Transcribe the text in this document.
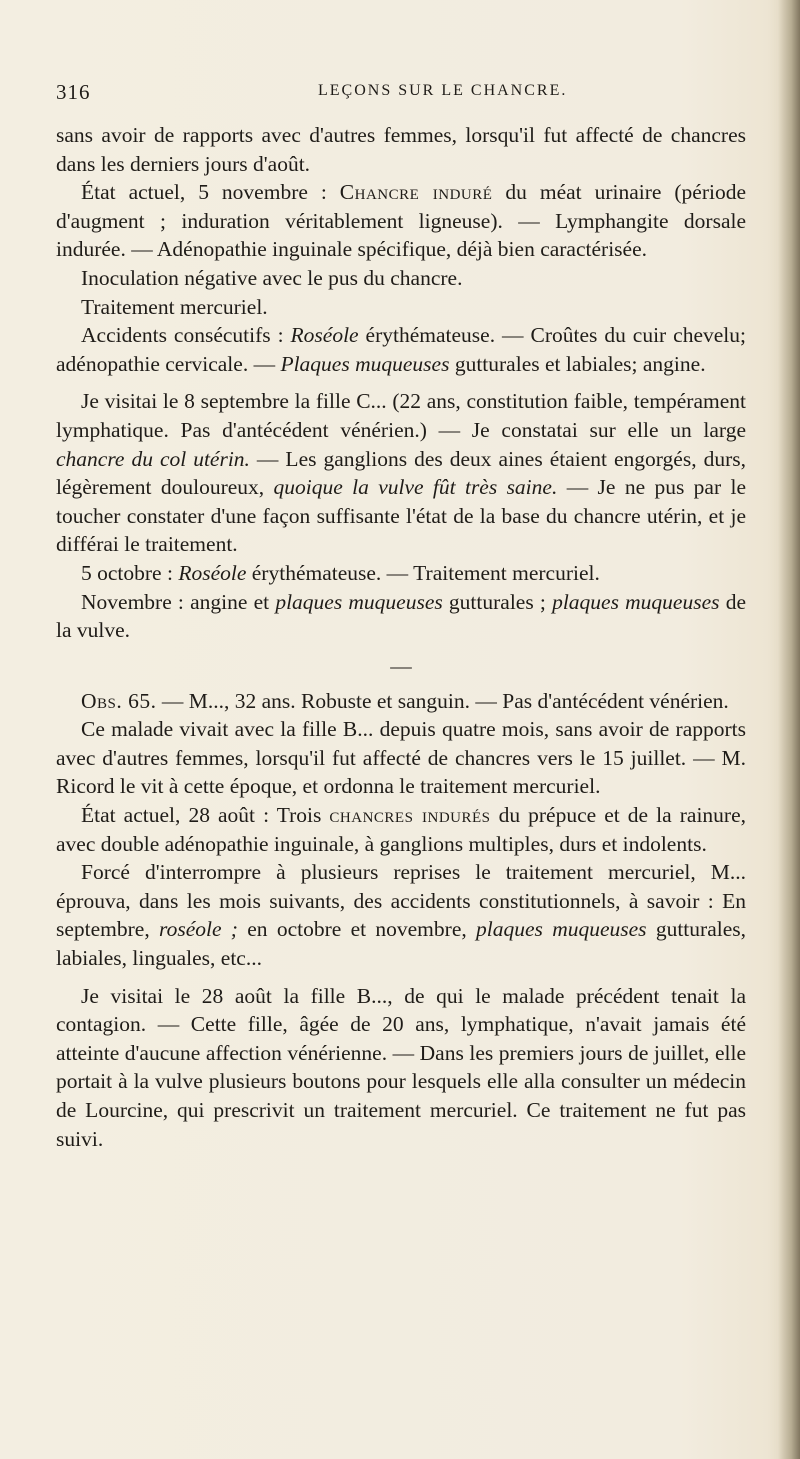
316	LEÇONS SUR LE CHANCRE.

sans avoir de rapports avec d'autres femmes, lorsqu'il fut affecté de chancres dans les derniers jours d'août.

État actuel, 5 novembre : Chancre induré du méat urinaire (période d'augment ; induration véritablement ligneuse). — Lymphangite dorsale indurée. — Adénopathie inguinale spécifique, déjà bien caractérisée.

Inoculation négative avec le pus du chancre.

Traitement mercuriel.

Accidents consécutifs : Roséole érythémateuse. — Croûtes du cuir chevelu; adénopathie cervicale. — Plaques muqueuses gutturales et labiales; angine.

Je visitai le 8 septembre la fille C... (22 ans, constitution faible, tempérament lymphatique. Pas d'antécédent vénérien.) — Je constatai sur elle un large chancre du col utérin. — Les ganglions des deux aines étaient engorgés, durs, légèrement douloureux, quoique la vulve fût très saine. — Je ne pus par le toucher constater d'une façon suffisante l'état de la base du chancre utérin, et je différai le traitement.

5 octobre : Roséole érythémateuse. — Traitement mercuriel.

Novembre : angine et plaques muqueuses gutturales ; plaques muqueuses de la vulve.

—

Obs. 65. — M..., 32 ans. Robuste et sanguin. — Pas d'antécédent vénérien.

Ce malade vivait avec la fille B... depuis quatre mois, sans avoir de rapports avec d'autres femmes, lorsqu'il fut affecté de chancres vers le 15 juillet. — M. Ricord le vit à cette époque, et ordonna le traitement mercuriel.

État actuel, 28 août : Trois chancres indurés du prépuce et de la rainure, avec double adénopathie inguinale, à ganglions multiples, durs et indolents.

Forcé d'interrompre à plusieurs reprises le traitement mercuriel, M... éprouva, dans les mois suivants, des accidents constitutionnels, à savoir : En septembre, roséole ; en octobre et novembre, plaques muqueuses gutturales, labiales, linguales, etc...

Je visitai le 28 août la fille B..., de qui le malade précédent tenait la contagion. — Cette fille, âgée de 20 ans, lymphatique, n'avait jamais été atteinte d'aucune affection vénérienne. — Dans les premiers jours de juillet, elle portait à la vulve plusieurs boutons pour lesquels elle alla consulter un médecin de Lourcine, qui prescrivit un traitement mercuriel. Ce traitement ne fut pas suivi.
